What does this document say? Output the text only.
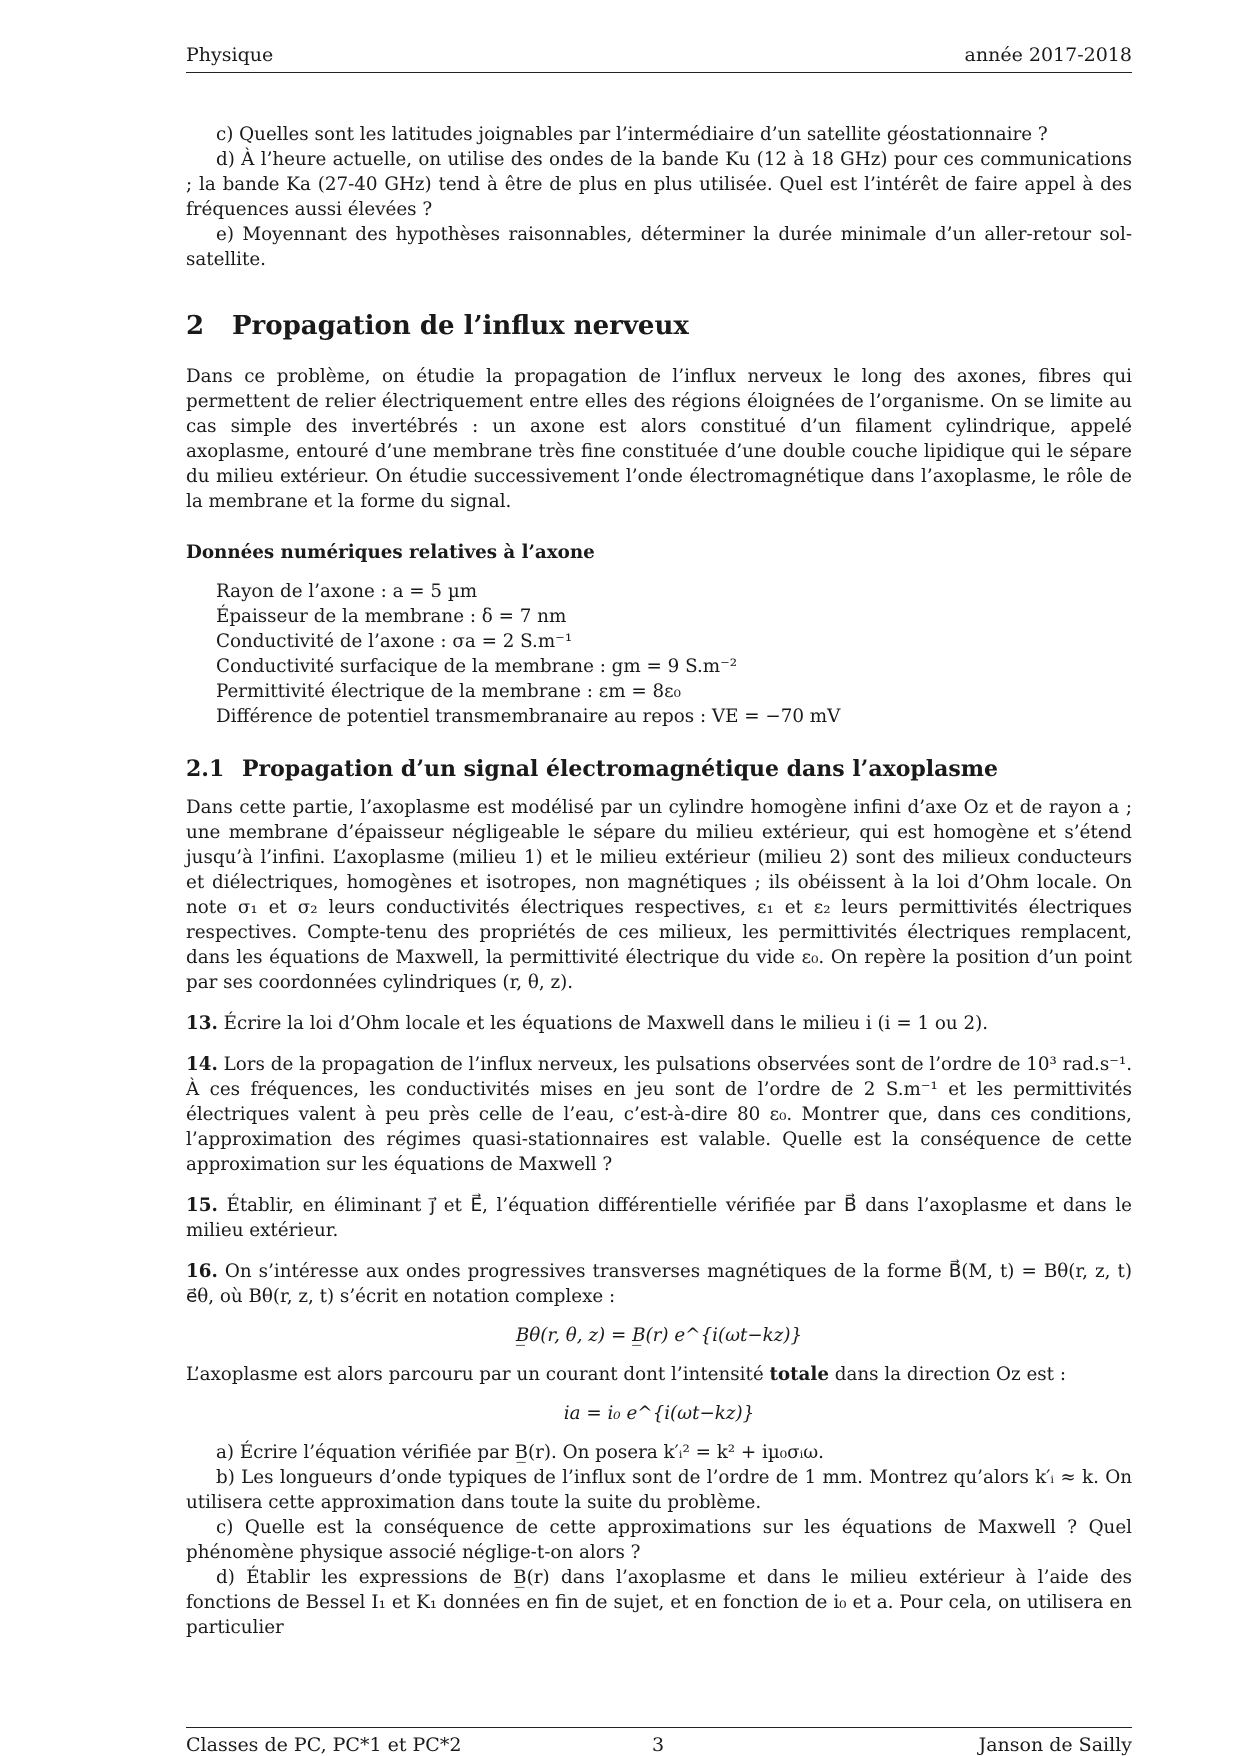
Physique	année 2017-2018

c) Quelles sont les latitudes joignables par l’intermédiaire d’un satellite géostationnaire ?

d) À l’heure actuelle, on utilise des ondes de la bande Ku (12 à 18 GHz) pour ces communications ; la bande Ka (27-40 GHz) tend à être de plus en plus utilisée. Quel est l’intérêt de faire appel à des fréquences aussi élevées ?

e) Moyennant des hypothèses raisonnables, déterminer la durée minimale d’un aller-retour sol-satellite.

2 Propagation de l’influx nerveux

Dans ce problème, on étudie la propagation de l’influx nerveux le long des axones, fibres qui permettent de relier électriquement entre elles des régions éloignées de l’organisme. On se limite au cas simple des invertébrés : un axone est alors constitué d’un filament cylindrique, appelé axoplasme, entouré d’une membrane très fine constituée d’une double couche lipidique qui le sépare du milieu extérieur. On étudie successivement l’onde électromagnétique dans l’axoplasme, le rôle de la membrane et la forme du signal.

Données numériques relatives à l’axone

Rayon de l’axone : a = 5 µm
Épaisseur de la membrane : δ = 7 nm
Conductivité de l’axone : σa = 2 S.m⁻¹
Conductivité surfacique de la membrane : gm = 9 S.m⁻²
Permittivité électrique de la membrane : εm = 8ε₀
Différence de potentiel transmembranaire au repos : VE = −70 mV
2.1 Propagation d’un signal électromagnétique dans l’axoplasme

Dans cette partie, l’axoplasme est modélisé par un cylindre homogène infini d’axe Oz et de rayon a ; une membrane d’épaisseur négligeable le sépare du milieu extérieur, qui est homogène et s’étend jusqu’à l’infini. L’axoplasme (milieu 1) et le milieu extérieur (milieu 2) sont des milieux conducteurs et diélectriques, homogènes et isotropes, non magnétiques ; ils obéissent à la loi d’Ohm locale. On note σ₁ et σ₂ leurs conductivités électriques respectives, ε₁ et ε₂ leurs permittivités électriques respectives. Compte-tenu des propriétés de ces milieux, les permittivités électriques remplacent, dans les équations de Maxwell, la permittivité électrique du vide ε₀. On repère la position d’un point par ses coordonnées cylindriques (r, θ, z).

13. Écrire la loi d’Ohm locale et les équations de Maxwell dans le milieu i (i = 1 ou 2).

14. Lors de la propagation de l’influx nerveux, les pulsations observées sont de l’ordre de 10³ rad.s⁻¹. À ces fréquences, les conductivités mises en jeu sont de l’ordre de 2 S.m⁻¹ et les permittivités électriques valent à peu près celle de l’eau, c’est-à-dire 80 ε₀. Montrer que, dans ces conditions, l’approximation des régimes quasi-stationnaires est valable. Quelle est la conséquence de cette approximation sur les équations de Maxwell ?

15. Établir, en éliminant j⃗ et E⃗, l’équation différentielle vérifiée par B⃗ dans l’axoplasme et dans le milieu extérieur.

16. On s’intéresse aux ondes progressives transverses magnétiques de la forme B⃗(M, t) = Bθ(r, z, t) e⃗θ, où Bθ(r, z, t) s’écrit en notation complexe :

B̲θ(r, θ, z) = B̲(r) e^{i(ωt−kz)}

L’axoplasme est alors parcouru par un courant dont l’intensité totale dans la direction Oz est :

ia = i₀ e^{i(ωt−kz)}

a) Écrire l’équation vérifiée par B̲(r). On posera k′ᵢ² = k² + iµ₀σᵢω.

b) Les longueurs d’onde typiques de l’influx sont de l’ordre de 1 mm. Montrez qu’alors k′ᵢ ≈ k. On utilisera cette approximation dans toute la suite du problème.

c) Quelle est la conséquence de cette approximations sur les équations de Maxwell ? Quel phénomène physique associé néglige-t-on alors ?

d) Établir les expressions de B̲(r) dans l’axoplasme et dans le milieu extérieur à l’aide des fonctions de Bessel I₁ et K₁ données en fin de sujet, et en fonction de i₀ et a. Pour cela, on utilisera en particulier

Classes de PC, PC*1 et PC*2	3	Janson de Sailly
